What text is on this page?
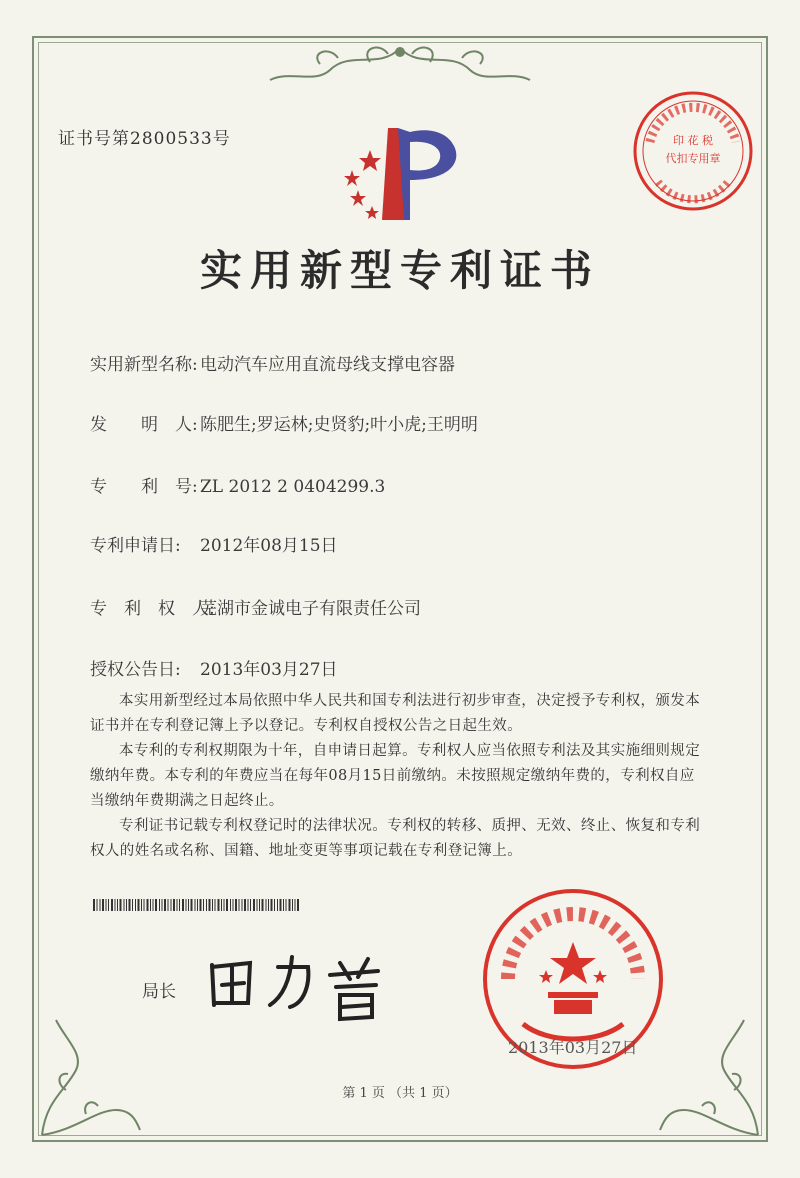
证书号第2800533号	印 花 税
代扣专用章
实用新型专利证书
实用新型名称: 电动汽车应用直流母线支撑电容器
发　　明　人: 陈肥生;罗运林;史贤豹;叶小虎;王明明
专　　利　号: ZL 2012 2 0404299.3
专利申请日: 2012年08月15日
专　利　权　人:芜湖市金诚电子有限责任公司
授权公告日: 2013年03月27日
本实用新型经过本局依照中华人民共和国专利法进行初步审查，决定授予专利权，颁发本证书并在专利登记簿上予以登记。专利权自授权公告之日起生效。
本专利的专利权期限为十年，自申请日起算。专利权人应当依照专利法及其实施细则规定缴纳年费。本专利的年费应当在每年08月15日前缴纳。未按照规定缴纳年费的，专利权自应当缴纳年费期满之日起终止。
专利证书记载专利权登记时的法律状况。专利权的转移、质押、无效、终止、恢复和专利权人的姓名或名称、国籍、地址变更等事项记载在专利登记簿上。
局长
2013年03月27日
第 1 页 （共 1 页）
